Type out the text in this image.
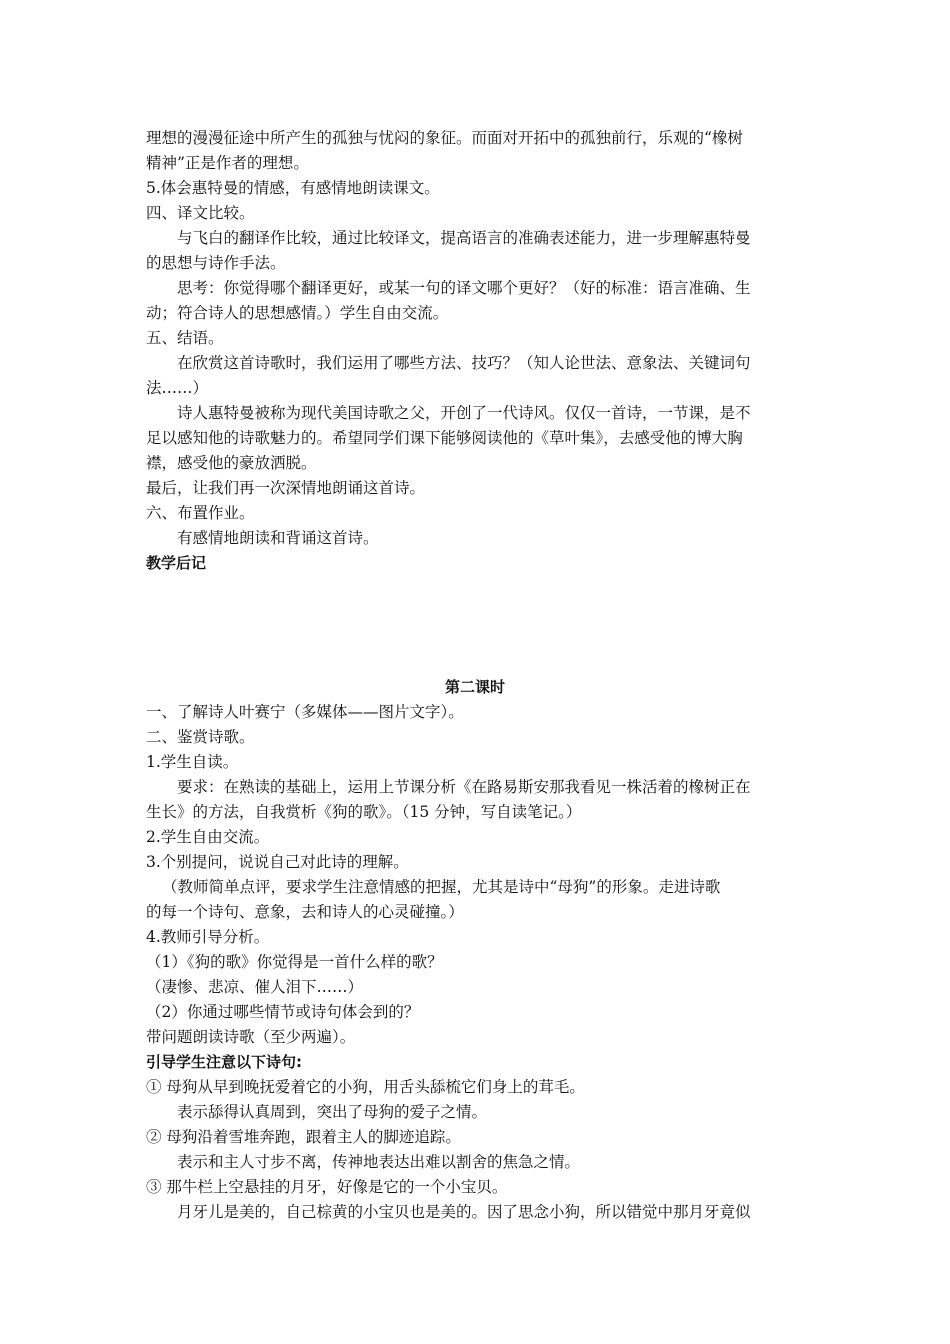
理想的漫漫征途中所产生的孤独与忧闷的象征。而面对开拓中的孤独前行，乐观的“橡树
精神”正是作者的理想。
5.体会惠特曼的情感，有感情地朗读课文。
四、译文比较。
与飞白的翻译作比较，通过比较译文，提高语言的准确表述能力，进一步理解惠特曼
的思想与诗作手法。
思考：你觉得哪个翻译更好，或某一句的译文哪个更好？（好的标准：语言准确、生
动；符合诗人的思想感情。）学生自由交流。
五、结语。
在欣赏这首诗歌时，我们运用了哪些方法、技巧？（知人论世法、意象法、关键词句
法……）
诗人惠特曼被称为现代美国诗歌之父，开创了一代诗风。仅仅一首诗，一节课，是不
足以感知他的诗歌魅力的。希望同学们课下能够阅读他的《草叶集》，去感受他的博大胸
襟，感受他的豪放洒脱。
最后，让我们再一次深情地朗诵这首诗。
六、布置作业。
有感情地朗读和背诵这首诗。
教学后记
第二课时
一、了解诗人叶赛宁（多媒体——图片文字）。
二、鉴赏诗歌。
1.学生自读。
要求：在熟读的基础上，运用上节课分析《在路易斯安那我看见一株活着的橡树正在
生长》的方法，自我赏析《狗的歌》。（15 分钟，写自读笔记。）
2.学生自由交流。
3.个别提问，说说自己对此诗的理解。
（教师简单点评，要求学生注意情感的把握，尤其是诗中“母狗”的形象。走进诗歌
的每一个诗句、意象，去和诗人的心灵碰撞。）
4.教师引导分析。
（1）《狗的歌》你觉得是一首什么样的歌？
（凄惨、悲凉、催人泪下……）
（2）你通过哪些情节或诗句体会到的？
带问题朗读诗歌（至少两遍）。
引导学生注意以下诗句:
① 母狗从早到晚抚爱着它的小狗，用舌头舔梳它们身上的茸毛。
表示舔得认真周到，突出了母狗的爱子之情。
② 母狗沿着雪堆奔跑，跟着主人的脚迹追踪。
表示和主人寸步不离，传神地表达出难以割舍的焦急之情。
③ 那牛栏上空悬挂的月牙，好像是它的一个小宝贝。
月牙儿是美的，自己棕黄的小宝贝也是美的。因了思念小狗，所以错觉中那月牙竟似
